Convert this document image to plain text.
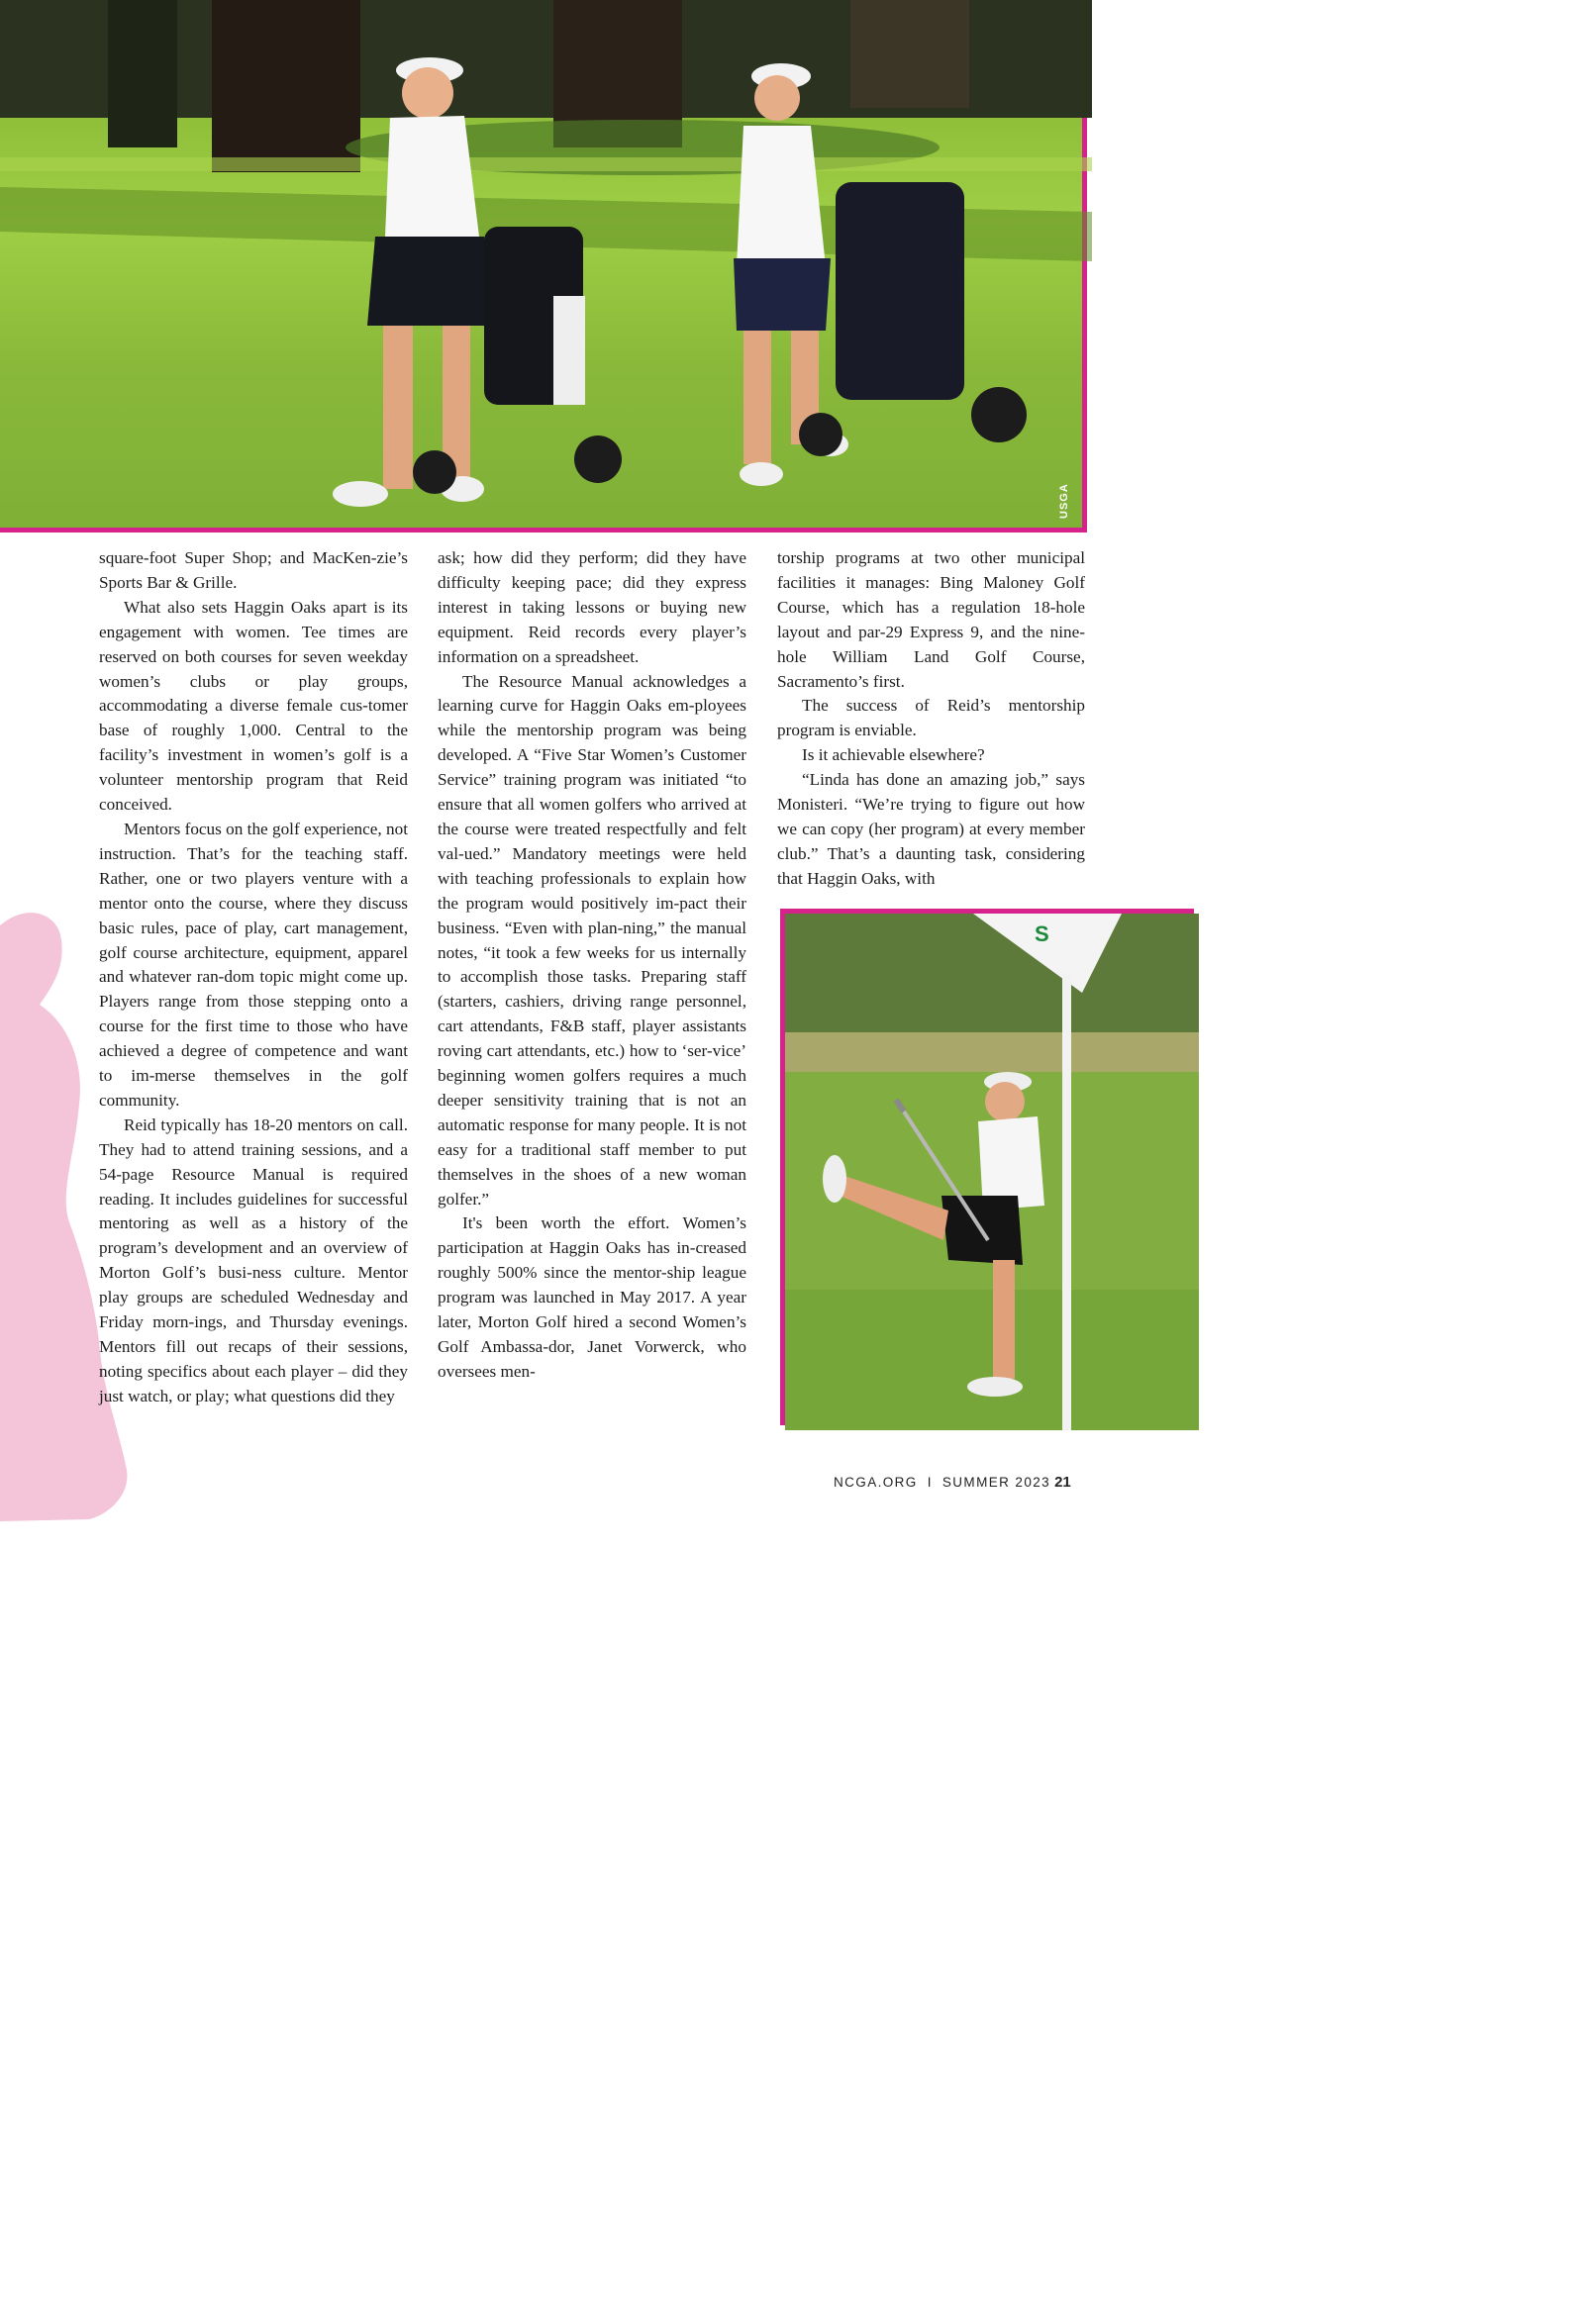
USGA

square-foot Super Shop; and MacKen-zie’s Sports Bar & Grille.

What also sets Haggin Oaks apart is its engagement with women. Tee times are reserved on both courses for seven weekday women’s clubs or play groups, accommodating a diverse female cus-tomer base of roughly 1,000. Central to the facility’s investment in women’s golf is a volunteer mentorship program that Reid conceived.

Mentors focus on the golf experience, not instruction. That’s for the teaching staff. Rather, one or two players venture with a mentor onto the course, where they discuss basic rules, pace of play, cart management, golf course architecture, equipment, apparel and whatever ran-dom topic might come up. Players range from those stepping onto a course for the first time to those who have achieved a degree of competence and want to im-merse themselves in the golf community.

Reid typically has 18-20 mentors on call. They had to attend training sessions, and a 54-page Resource Manual is required reading. It includes guidelines for successful mentoring as well as a history of the program’s development and an overview of Morton Golf’s busi-ness culture. Mentor play groups are scheduled Wednesday and Friday morn-ings, and Thursday evenings. Mentors fill out recaps of their sessions, noting specifics about each player – did they just watch, or play; what questions did they

ask; how did they perform; did they have difficulty keeping pace; did they express interest in taking lessons or buying new equipment. Reid records every player’s information on a spreadsheet.

The Resource Manual acknowledges a learning curve for Haggin Oaks em-ployees while the mentorship program was being developed. A “Five Star Women’s Customer Service” training program was initiated “to ensure that all women golfers who arrived at the course were treated respectfully and felt val-ued.” Mandatory meetings were held with teaching professionals to explain how the program would positively im-pact their business. “Even with plan-ning,” the manual notes, “it took a few weeks for us internally to accomplish those tasks. Preparing staff (starters, cashiers, driving range personnel, cart attendants, F&B staff, player assistants roving cart attendants, etc.) how to ‘ser-vice’ beginning women golfers requires a much deeper sensitivity training that is not an automatic response for many people. It is not easy for a traditional staff member to put themselves in the shoes of a new woman golfer.”

It's been worth the effort. Women’s participation at Haggin Oaks has in-creased roughly 500% since the mentor-ship league program was launched in May 2017. A year later, Morton Golf hired a second Women’s Golf Ambassa-dor, Janet Vorwerck, who oversees men-

torship programs at two other municipal facilities it manages: Bing Maloney Golf Course, which has a regulation 18-hole layout and par-29 Express 9, and the nine-hole William Land Golf Course, Sacramento’s first.

The success of Reid’s mentorship program is enviable.

Is it achievable elsewhere?

“Linda has done an amazing job,” says Monisteri. “We’re trying to figure out how we can copy (her program) at every member club.” That’s a daunting task, considering that Haggin Oaks, with

S
USGA
NCGA.ORG I SUMMER 2023 21
